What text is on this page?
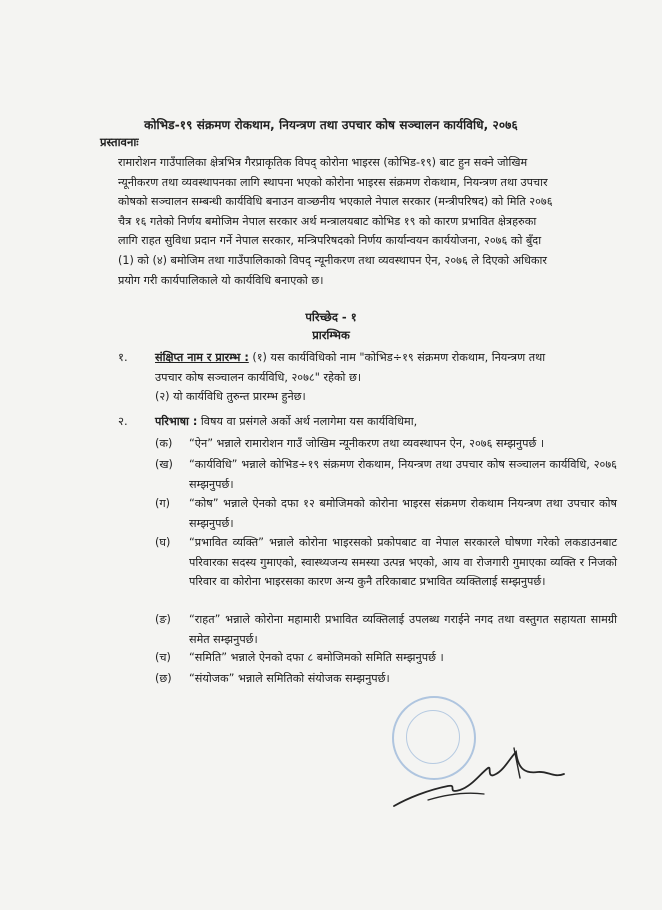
कोभिड-१९ संक्रमण रोकथाम, नियन्त्रण तथा उपचार कोष सञ्चालन कार्यविधि, २०७६
प्रस्तावनाः
रामारोशन गाउँपालिका क्षेत्रभित्र गैरप्राकृतिक विपद् कोरोना भाइरस (कोभिड-१९) बाट हुन सक्ने जोखिम
न्यूनीकरण तथा व्यवस्थापनका लागि स्थापना भएको कोरोना भाइरस संक्रमण रोकथाम, नियन्त्रण तथा उपचार
कोषको सञ्चालन सम्बन्धी कार्यविधि बनाउन वाञ्छनीय भएकाले नेपाल सरकार (मन्त्रीपरिषद) को मिति २०७६
चैत्र १६ गतेको निर्णय बमोजिम नेपाल सरकार अर्थ मन्त्रालयबाट कोभिड १९ को कारण प्रभावित क्षेत्रहरुका
लागि राहत सुविधा प्रदान गर्ने नेपाल सरकार, मन्त्रिपरिषदको निर्णय कार्यान्वयन कार्ययोजना, २०७६ को बुँदा
(1) को (४) बमोजिम तथा गाउँपालिकाको विपद् न्यूनीकरण तथा व्यवस्थापन ऐन, २०७६ ले दिएको अधिकार
प्रयोग गरी कार्यपालिकाले यो कार्यविधि बनाएको छ।
परिच्छेद - १
प्रारम्भिक
१. संक्षिप्त नाम र प्रारम्भ : (१) यस कार्यविधिको नाम "कोभिड÷१९ संक्रमण रोकथाम, नियन्त्रण तथा
उपचार कोष सञ्चालन कार्यविधि, २०७८" रहेको छ।
(२) यो कार्यविधि तुरुन्त प्रारम्भ हुनेछ।
२. परिभाषा : विषय वा प्रसंगले अर्को अर्थ नलागेमा यस कार्यविधिमा,
(क) “ऐन” भन्नाले रामारोशन गाउँ जोखिम न्यूनीकरण तथा व्यवस्थापन ऐन, २०७६ सम्झनुपर्छ ।
(ख) “कार्यविधि” भन्नाले कोभिड÷१९ संक्रमण रोकथाम, नियन्त्रण तथा उपचार कोष सञ्चालन कार्यविधि, २०७६ सम्झनुपर्छ।
(ग) “कोष” भन्नाले ऐनको दफा १२ बमोजिमको कोरोना भाइरस संक्रमण रोकथाम नियन्त्रण तथा उपचार कोष सम्झनुपर्छ।
(घ) “प्रभावित व्यक्ति” भन्नाले कोरोना भाइरसको प्रकोपबाट वा नेपाल सरकारले घोषणा गरेको लकडाउनबाट परिवारका सदस्य गुमाएको, स्वास्थ्यजन्य समस्या उत्पन्न भएको, आय वा रोजगारी गुमाएका व्यक्ति र निजको परिवार वा कोरोना भाइरसका कारण अन्य कुनै तरिकाबाट प्रभावित व्यक्तिलाई सम्झनुपर्छ।
(ङ) “राहत” भन्नाले कोरोना महामारी प्रभावित व्यक्तिलाई उपलब्ध गराईने नगद तथा वस्तुगत सहायता सामग्री समेत सम्झनुपर्छ।
(च) “समिति” भन्नाले ऐनको दफा ८ बमोजिमको समिति सम्झनुपर्छ ।
(छ) “संयोजक” भन्नाले समितिको संयोजक सम्झनुपर्छ।
